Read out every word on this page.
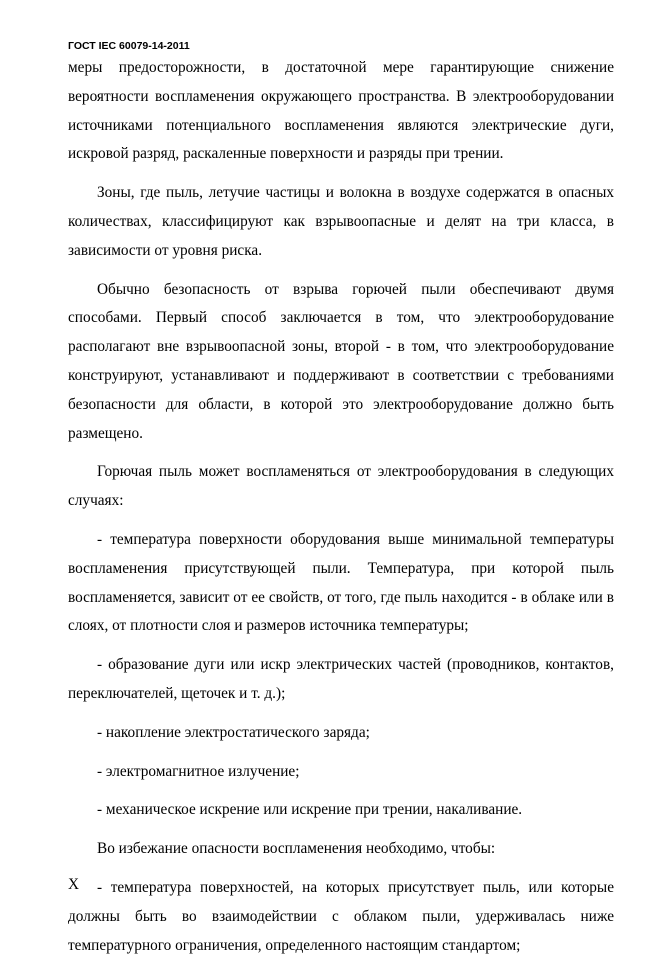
ГОСТ IEC 60079-14-2011

меры предосторожности, в достаточной мере гарантирующие снижение вероятности воспламенения окружающего пространства. В электрооборудовании источниками потенциального воспламенения являются электрические дуги, искровой разряд, раскаленные поверхности и разряды при трении.

Зоны, где пыль, летучие частицы и волокна в воздухе содержатся в опасных количествах, классифицируют как взрывоопасные и делят на три класса, в зависимости от уровня риска.

Обычно безопасность от взрыва горючей пыли обеспечивают двумя способами. Первый способ заключается в том, что электрооборудование располагают вне взрывоопасной зоны, второй - в том, что электрооборудование конструируют, устанавливают и поддерживают в соответствии с требованиями безопасности для области, в которой это электрооборудование должно быть размещено.

Горючая пыль может воспламеняться от электрооборудования в следующих случаях:

- температура поверхности оборудования выше минимальной температуры воспламенения присутствующей пыли. Температура, при которой пыль воспламеняется, зависит от ее свойств, от того, где пыль находится - в облаке или в слоях, от плотности слоя и размеров источника температуры;

- образование дуги или искр электрических частей (проводников, контактов, переключателей, щеточек и т. д.);

- накопление электростатического заряда;

- электромагнитное излучение;

- механическое искрение или искрение при трении, накаливание.

Во избежание опасности воспламенения необходимо, чтобы:

- температура поверхностей, на которых присутствует пыль, или которые должны быть во взаимодействии с облаком пыли, удерживалась ниже температурного ограничения, определенного настоящим стандартом;

X
